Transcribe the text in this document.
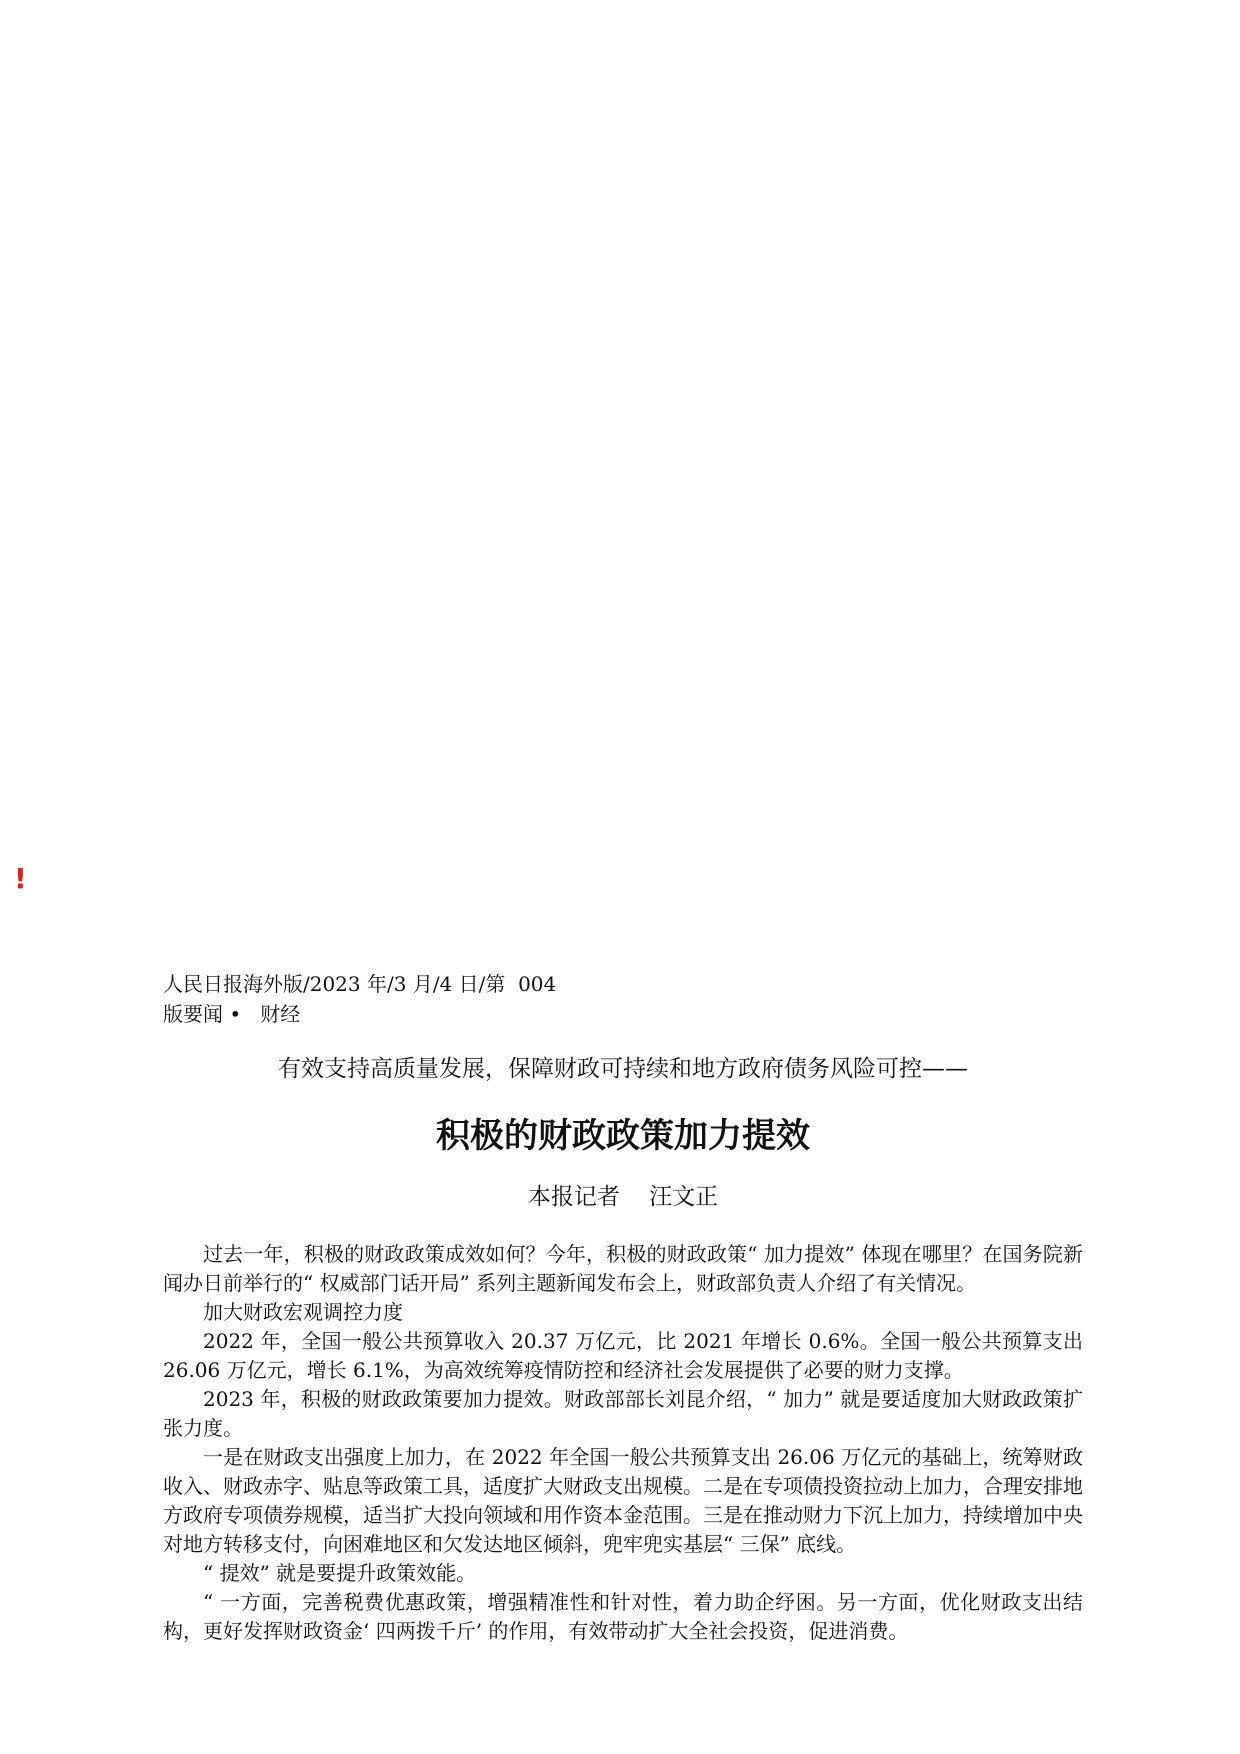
!
人民日报海外版/2023 年/3 月/4 日/第  004
版要闻 •   财经
有效支持高质量发展，保障财政可持续和地方政府债务风险可控——
积极的财政政策加力提效
本报记者    汪文正

过去一年，积极的财政政策成效如何？今年，积极的财政政策“ 加力提效” 体现在哪里？在国务院新闻办日前举行的“ 权威部门话开局” 系列主题新闻发布会上，财政部负责人介绍了有关情况。

加大财政宏观调控力度

2022 年，全国一般公共预算收入 20.37 万亿元，比 2021 年增长 0.6%。全国一般公共预算支出 26.06 万亿元，增长 6.1%，为高效统筹疫情防控和经济社会发展提供了必要的财力支撑。

2023 年，积极的财政政策要加力提效。财政部部长刘昆介绍，“ 加力” 就是要适度加大财政政策扩张力度。

一是在财政支出强度上加力，在 2022 年全国一般公共预算支出 26.06 万亿元的基础上，统筹财政收入、财政赤字、贴息等政策工具，适度扩大财政支出规模。二是在专项债投资拉动上加力，合理安排地方政府专项债券规模，适当扩大投向领域和用作资本金范围。三是在推动财力下沉上加力，持续增加中央对地方转移支付，向困难地区和欠发达地区倾斜，兜牢兜实基层“ 三保” 底线。

“ 提效” 就是要提升政策效能。

“ 一方面，完善税费优惠政策，增强精准性和针对性，着力助企纾困。另一方面，优化财政支出结构，更好发挥财政资金‘ 四两拨千斤’ 的作用，有效带动扩大全社会投资，促进消费。
